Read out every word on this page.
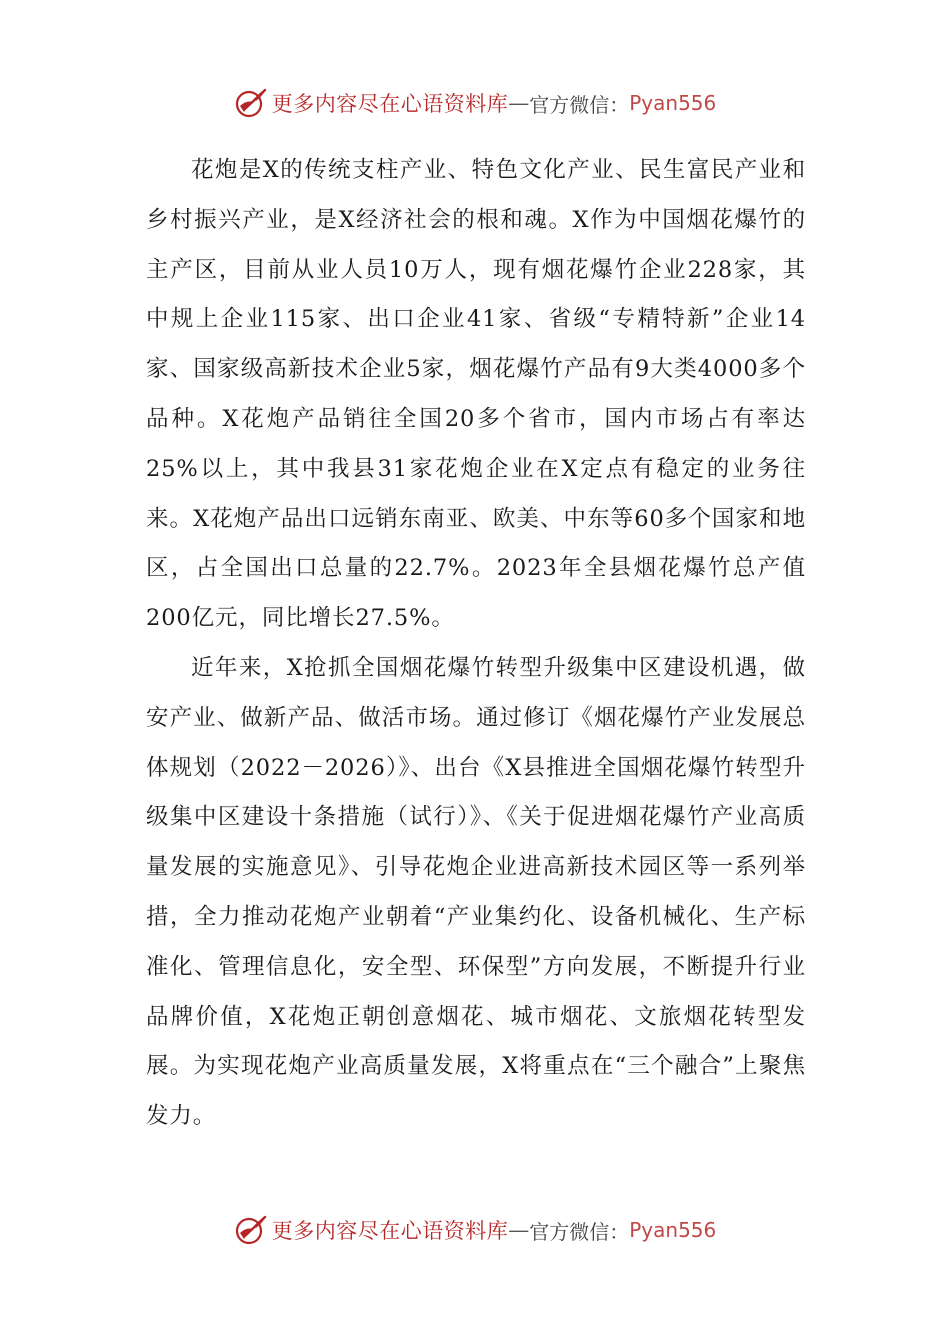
更多内容尽在心语资料库 — 官方微信： Pyan556

花炮是X的传统支柱产业、特色文化产业、民生富民产业和乡村振兴产业，是X经济社会的根和魂。X作为中国烟花爆竹的主产区，目前从业人员10万人，现有烟花爆竹企业228家，其中规上企业115家、出口企业41家、省级“专精特新”企业14家、国家级高新技术企业5家，烟花爆竹产品有9大类4000多个品种。X花炮产品销往全国20多个省市，国内市场占有率达25%以上，其中我县31家花炮企业在X定点有稳定的业务往来。X花炮产品出口远销东南亚、欧美、中东等60多个国家和地区，占全国出口总量的22.7%。2023年全县烟花爆竹总产值200亿元，同比增长27.5%。

近年来，X抢抓全国烟花爆竹转型升级集中区建设机遇，做安产业、做新产品、做活市场。通过修订《烟花爆竹产业发展总体规划（2022－2026）》、出台《X县推进全国烟花爆竹转型升级集中区建设十条措施（试行）》、《关于促进烟花爆竹产业高质量发展的实施意见》、引导花炮企业进高新技术园区等一系列举措，全力推动花炮产业朝着“产业集约化、设备机械化、生产标准化、管理信息化，安全型、环保型”方向发展，不断提升行业品牌价值，X花炮正朝创意烟花、城市烟花、文旅烟花转型发展。为实现花炮产业高质量发展，X将重点在“三个融合”上聚焦发力。

更多内容尽在心语资料库 — 官方微信： Pyan556
